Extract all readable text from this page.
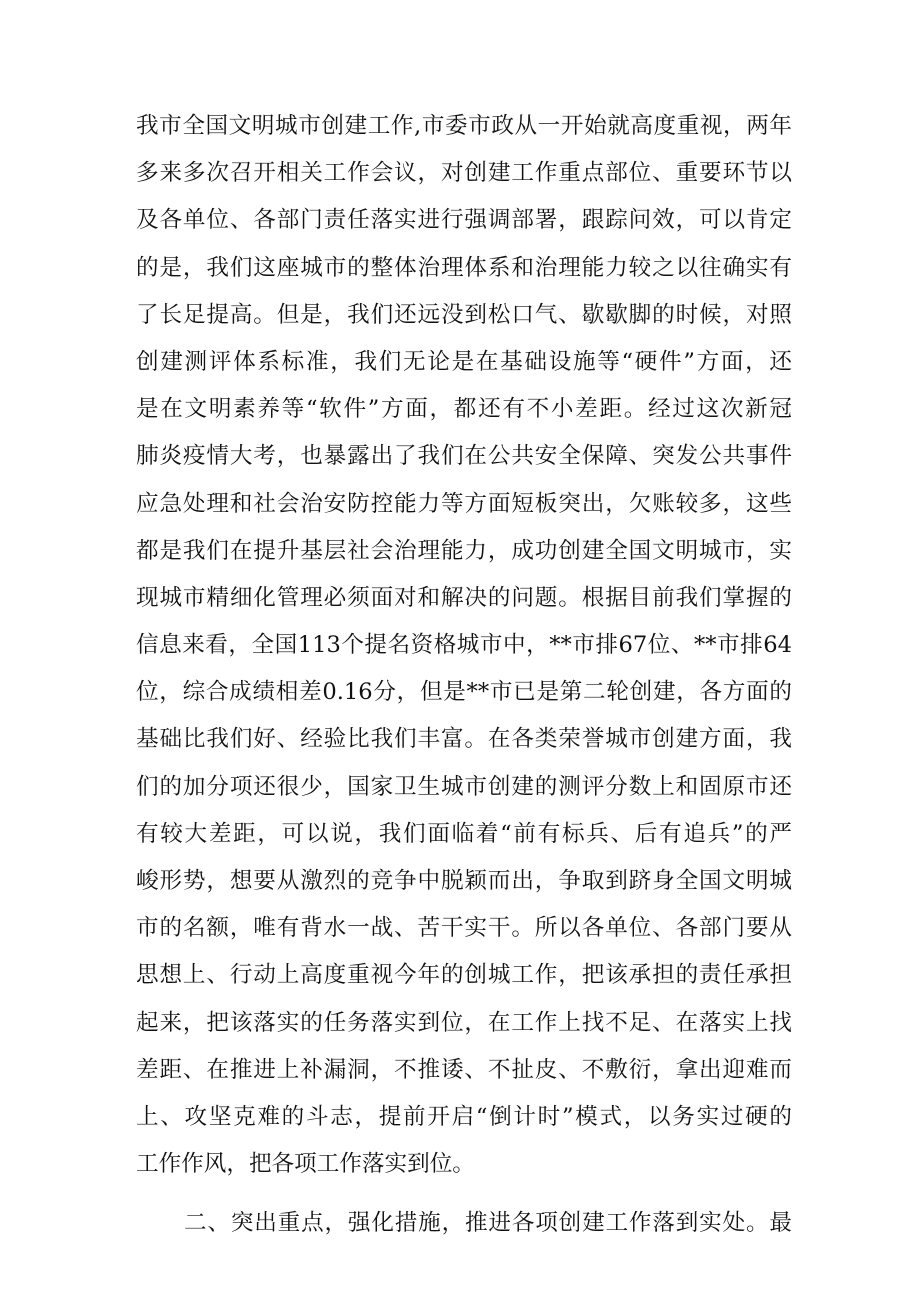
我市全国文明城市创建工作,市委市政从一开始就高度重视，两年
多来多次召开相关工作会议，对创建工作重点部位、重要环节以
及各单位、各部门责任落实进行强调部署，跟踪问效，可以肯定
的是，我们这座城市的整体治理体系和治理能力较之以往确实有
了长足提高。但是，我们还远没到松口气、歇歇脚的时候，对照
创建测评体系标准，我们无论是在基础设施等“硬件”方面，还
是在文明素养等“软件”方面，都还有不小差距。经过这次新冠
肺炎疫情大考，也暴露出了我们在公共安全保障、突发公共事件
应急处理和社会治安防控能力等方面短板突出，欠账较多，这些
都是我们在提升基层社会治理能力，成功创建全国文明城市，实
现城市精细化管理必须面对和解决的问题。根据目前我们掌握的
信息来看，全国113个提名资格城市中，**市排67位、**市排64
位，综合成绩相差0.16分，但是**市已是第二轮创建，各方面的
基础比我们好、经验比我们丰富。在各类荣誉城市创建方面，我
们的加分项还很少，国家卫生城市创建的测评分数上和固原市还
有较大差距，可以说，我们面临着“前有标兵、后有追兵”的严
峻形势，想要从激烈的竞争中脱颖而出，争取到跻身全国文明城
市的名额，唯有背水一战、苦干实干。所以各单位、各部门要从
思想上、行动上高度重视今年的创城工作，把该承担的责任承担
起来，把该落实的任务落实到位，在工作上找不足、在落实上找
差距、在推进上补漏洞，不推诿、不扯皮、不敷衍，拿出迎难而
上、攻坚克难的斗志，提前开启“倒计时”模式，以务实过硬的
工作作风，把各项工作落实到位。
二、突出重点，强化措施，推进各项创建工作落到实处。最
